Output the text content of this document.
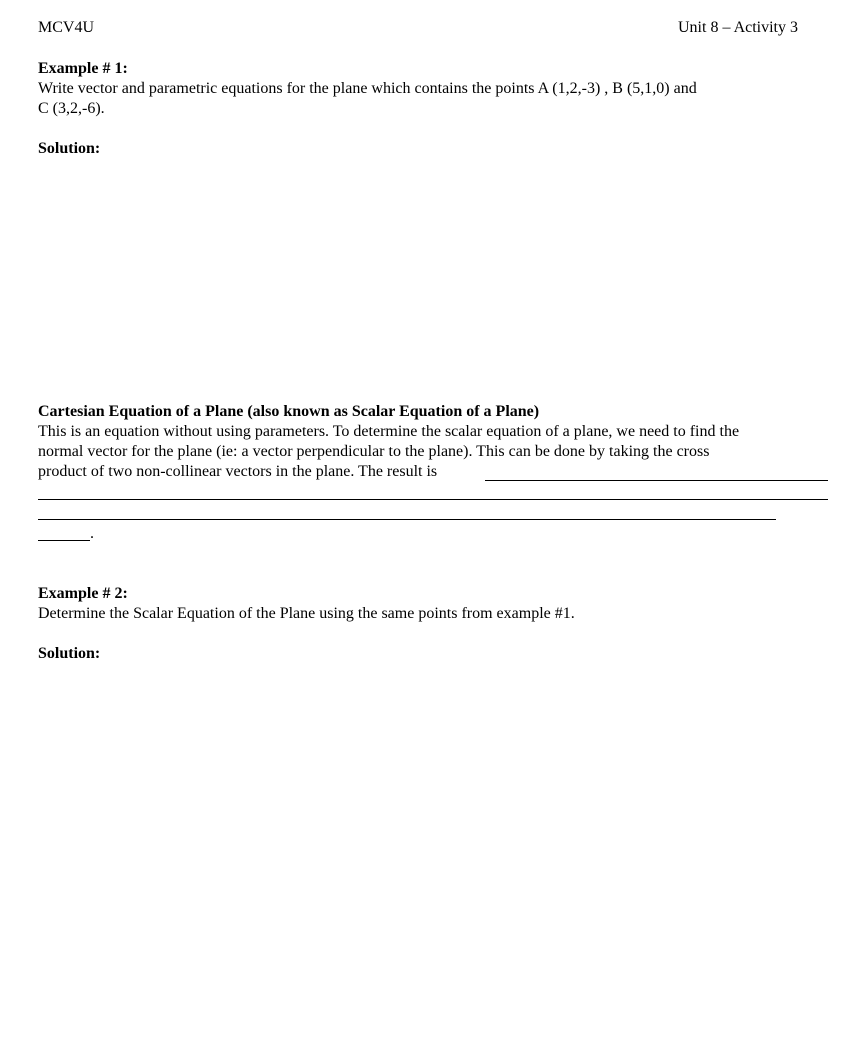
MCV4U	Unit 8 – Activity 3
Example # 1:
Write vector and parametric equations for the plane which contains the points A (1,2,-3) , B (5,1,0) and
C (3,2,-6).
Solution:
Cartesian Equation of a Plane (also known as Scalar Equation of a Plane)
This is an equation without using parameters. To determine the scalar equation of a plane, we need to find the
normal vector for the plane (ie: a vector perpendicular to the plane). This can be done by taking the cross
product of two non-collinear vectors in the plane. The result is
.
Example # 2:
Determine the Scalar Equation of the Plane using the same points from example #1.
Solution:
